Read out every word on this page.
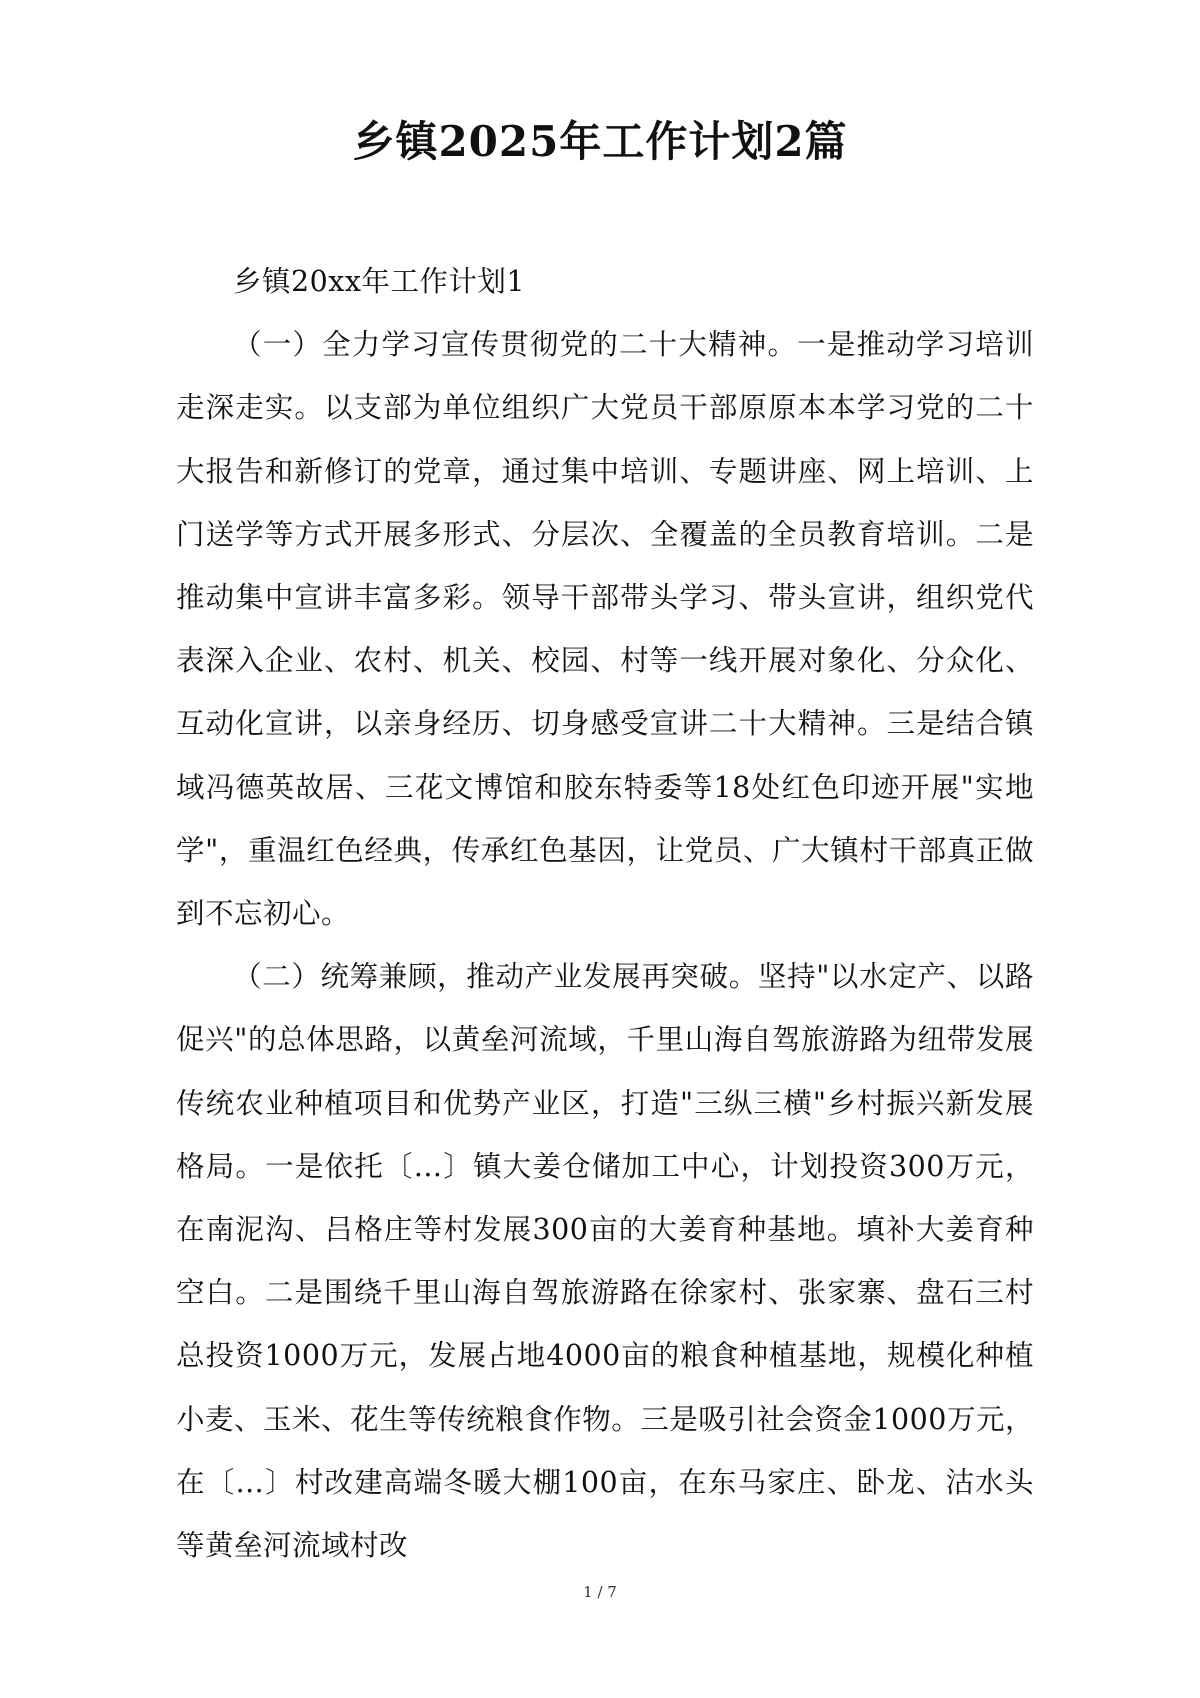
乡镇2025年工作计划2篇

乡镇20xx年工作计划1

（一）全力学习宣传贯彻党的二十大精神。一是推动学习培训走深走实。以支部为单位组织广大党员干部原原本本学习党的二十大报告和新修订的党章，通过集中培训、专题讲座、网上培训、上门送学等方式开展多形式、分层次、全覆盖的全员教育培训。二是推动集中宣讲丰富多彩。领导干部带头学习、带头宣讲，组织党代表深入企业、农村、机关、校园、村等一线开展对象化、分众化、互动化宣讲，以亲身经历、切身感受宣讲二十大精神。三是结合镇域冯德英故居、三花文博馆和胶东特委等18处红色印迹开展"实地学"，重温红色经典，传承红色基因，让党员、广大镇村干部真正做到不忘初心。

（二）统筹兼顾，推动产业发展再突破。坚持"以水定产、以路促兴"的总体思路，以黄垒河流域，千里山海自驾旅游路为纽带发展传统农业种植项目和优势产业区，打造"三纵三横"乡村振兴新发展格局。一是依托〔…〕镇大姜仓储加工中心，计划投资300万元，在南泥沟、吕格庄等村发展300亩的大姜育种基地。填补大姜育种空白。二是围绕千里山海自驾旅游路在徐家村、张家寨、盘石三村总投资1000万元，发展占地4000亩的粮食种植基地，规模化种植小麦、玉米、花生等传统粮食作物。三是吸引社会资金1000万元，在〔…〕村改建高端冬暖大棚100亩，在东马家庄、卧龙、沽水头等黄垒河流域村改

1 / 7
